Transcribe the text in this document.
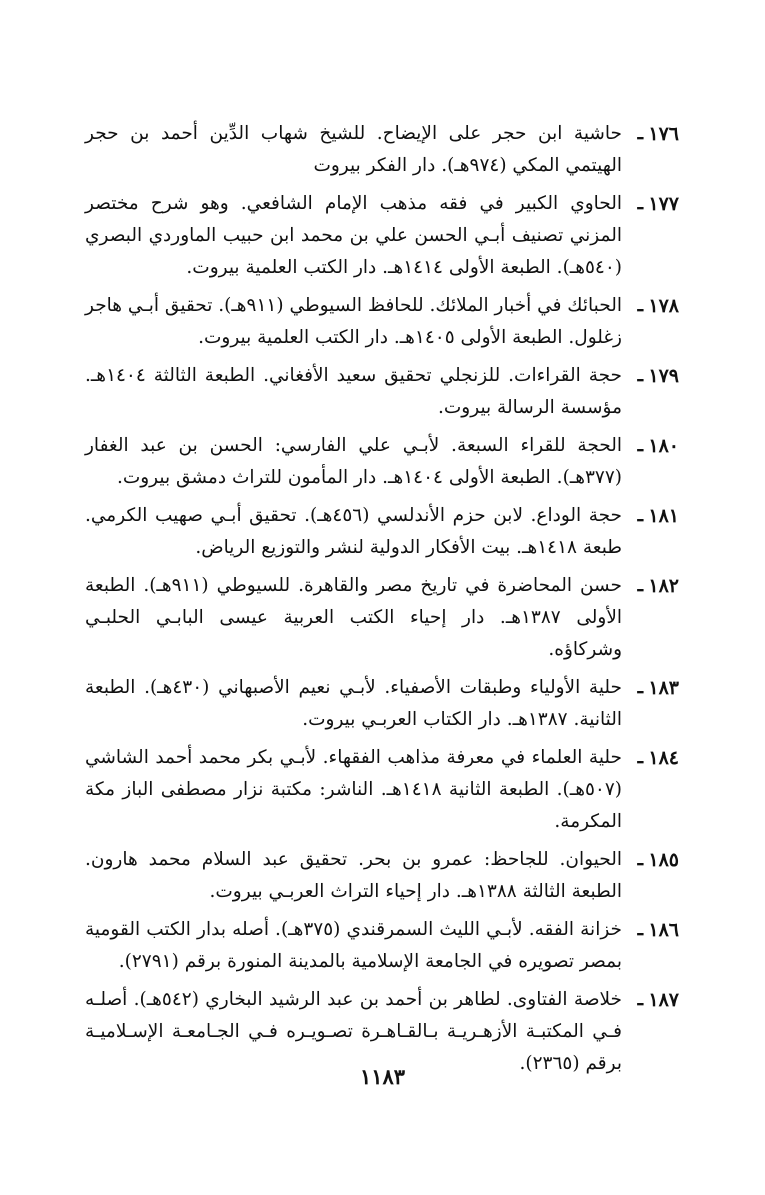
١٧٦
ـ
حاشية ابن حجر على الإيضاح. للشيخ شهاب الدِّين أحمد بن حجر الهيتمي المكي (٩٧٤هـ). دار الفكر بيروت
١٧٧
ـ
الحاوي الكبير في فقه مذهب الإمام الشافعي. وهو شرح مختصر المزني تصنيف أبـي الحسن علي بن محمد ابن حبيب الماوردي البصري (٥٤٠هـ). الطبعة الأولى ١٤١٤هـ. دار الكتب العلمية بيروت.
١٧٨
ـ
الحبائك في أخبار الملائك. للحافظ السيوطي (٩١١هـ). تحقيق أبـي هاجر زغلول. الطبعة الأولى ١٤٠٥هـ. دار الكتب العلمية بيروت.
١٧٩
ـ
حجة القراءات. للزنجلي تحقيق سعيد الأفغاني. الطبعة الثالثة ١٤٠٤هـ. مؤسسة الرسالة بيروت.
١٨٠
ـ
الحجة للقراء السبعة. لأبـي علي الفارسي: الحسن بن عبد الغفار (٣٧٧هـ). الطبعة الأولى ١٤٠٤هـ. دار المأمون للتراث دمشق بيروت.
١٨١
ـ
حجة الوداع. لابن حزم الأندلسي (٤٥٦هـ). تحقيق أبـي صهيب الكرمي. طبعة ١٤١٨هـ. بيت الأفكار الدولية لنشر والتوزيع الرياض.
١٨٢
ـ
حسن المحاضرة في تاريخ مصر والقاهرة. للسيوطي (٩١١هـ). الطبعة الأولى ١٣٨٧هـ. دار إحياء الكتب العربية عيسى البابـي الحلبـي وشركاؤه.
١٨٣
ـ
حلية الأولياء وطبقات الأصفياء. لأبـي نعيم الأصبهاني (٤٣٠هـ). الطبعة الثانية. ١٣٨٧هـ. دار الكتاب العربـي بيروت.
١٨٤
ـ
حلية العلماء في معرفة مذاهب الفقهاء. لأبـي بكر محمد أحمد الشاشي (٥٠٧هـ). الطبعة الثانية ١٤١٨هـ. الناشر: مكتبة نزار مصطفى الباز مكة المكرمة.
١٨٥
ـ
الحيوان. للجاحظ: عمرو بن بحر. تحقيق عبد السلام محمد هارون. الطبعة الثالثة ١٣٨٨هـ. دار إحياء التراث العربـي بيروت.
١٨٦
ـ
خزانة الفقه. لأبـي الليث السمرقندي (٣٧٥هـ). أصله بدار الكتب القومية بمصر تصويره في الجامعة الإسلامية بالمدينة المنورة برقم (٢٧٩١).
١٨٧
ـ
خلاصة الفتاوى. لطاهر بن أحمد بن عبد الرشيد البخاري (٥٤٢هـ). أصلـه فـي المكتبـة الأزهـريـة بـالقـاهـرة تصـويـره فـي الجـامعـة الإسـلاميـة برقم (٢٣٦٥).
١١٨٣
